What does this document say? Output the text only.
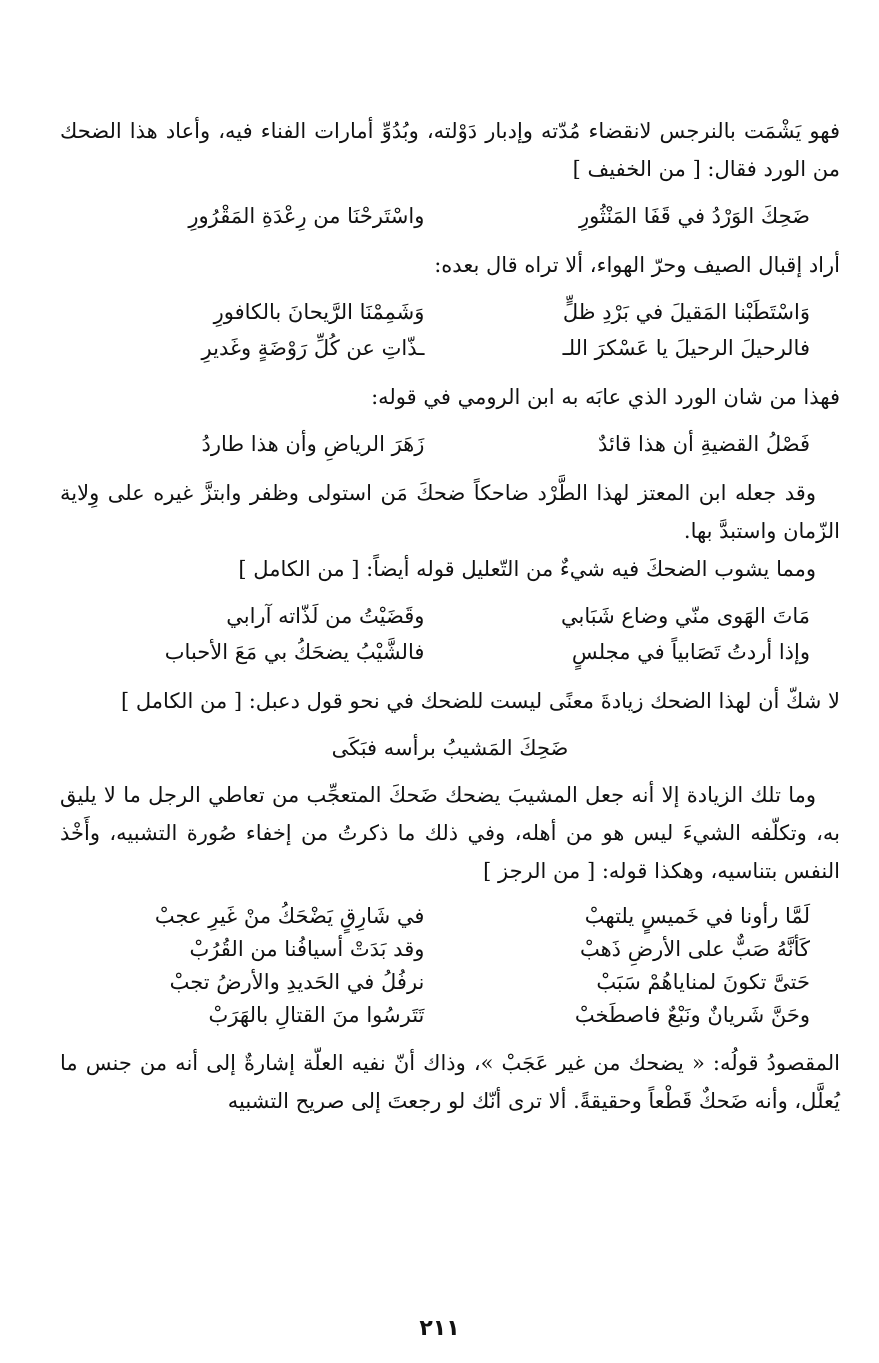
فهو يَشْمَت بالنرجس لانقضاء مُدّته وإدبار دَوْلته، وبُدُوِّ أمارات الفناء فيه، وأعاد هذا الضحك من الورد فقال: [ من الخفيف ]

ضَحِكَ الوَرْدُ في قَفَا المَنْثُورِ
واسْتَرحْنَا من رِعْدَةِ المَقْرُورِ

أراد إقبال الصيف وحرّ الهواء، ألا تراه قال بعده:

وَاسْتَطَبْنا المَقيلَ في بَرْدِ ظلٍّ
وَشَمِمْنَا الرَّيحانَ بالكافورِ
فالرحيلَ الرحيلَ يا عَسْكرَ اللـ
ـذّاتِ عن كُلِّ رَوْضَةٍ وغَديرِ

فهذا من شان الورد الذي عابَه به ابن الرومي في قوله:

فَصْلُ القضيةِ أن هذا قائدٌ
زَهَرَ الرياضِ وأن هذا طاردُ

وقد جعله ابن المعتز لهذا الطَّرْد ضاحكاً ضحكَ مَن استولى وظفر وابتزَّ غيره على وِلاية الزّمان واستبدَّ بها.

ومما يشوب الضحكَ فيه شيءٌ من التّعليل قوله أيضاً: [ من الكامل ]

مَاتَ الهَوى منّي وضاع شَبَابي
وقَضَيْتُ من لَذّاته آرابي
وإذا أردتُ تَصَابياً في مجلسٍ
فالشَّيْبُ يضحَكُ بي مَعَ الأحباب

لا شكّ أن لهذا الضحك زيادةَ معنًى ليست للضحك في نحو قول دعبل: [ من الكامل ]

ضَحِكَ المَشيبُ برأسه فبَكَى

وما تلك الزيادة إلا أنه جعل المشيبَ يضحك ضَحكَ المتعجِّب من تعاطي الرجل ما لا يليق به، وتكلّفه الشيءَ ليس هو من أهله، وفي ذلك ما ذكرتُ من إخفاء صُورة التشبيه، وأَخْذ النفس بتناسيه، وهكذا قوله: [ من الرجز ]

لَمَّا رأونا في خَميسٍ يلتهبْ
في شَارِقٍ يَضْحَكُ منْ غَيرِ عجبْ
كَأنَّهُ صَبٌّ على الأرضِ ذَهبْ
وقد بَدَتْ أسيافُنا من القُرُبْ
حَتىَّ تكونَ لمناياهُمْ سَبَبْ
نرفُلُ في الحَديدِ والأرضُ تجبْ
وحَنَّ شَريانٌ ونَبْعٌ فاصطَخبْ
تَتَرسُوا منَ القتالِ بالهَرَبْ

المقصودُ قولُه: « يضحك من غير عَجَبْ »، وذاك أنّ نفيه العلّة إشارةٌ إلى أنه من جنس ما يُعلَّل، وأنه ضَحكٌ قَطْعاً وحقيقةً. ألا ترى أنّك لو رجعتَ إلى صريح التشبيه

٢١١
